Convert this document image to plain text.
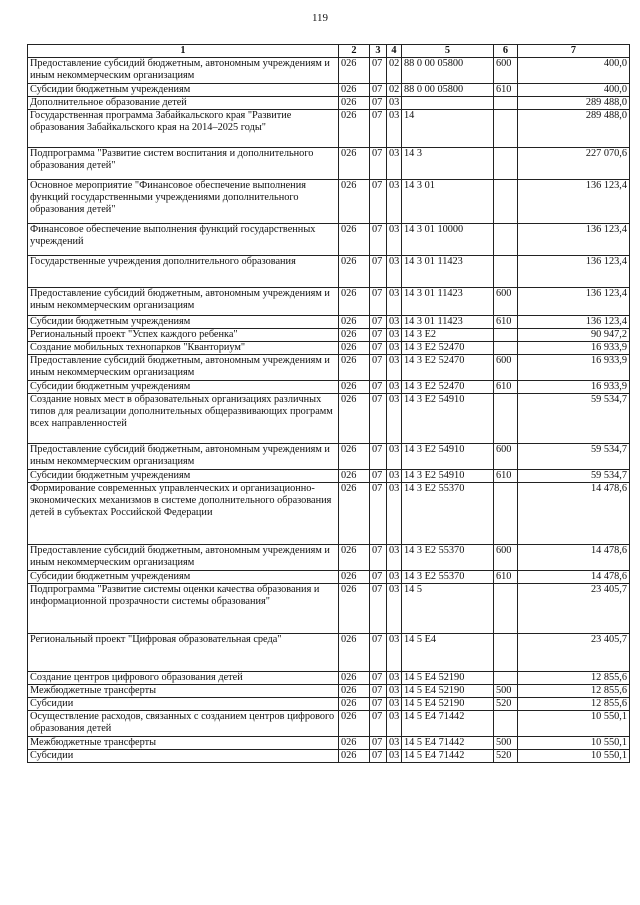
119
1	2	3	4	5	6	7
Предоставление субсидий бюджетным, автономным учреждениям и иным некоммерческим организациям	026	07	02	88 0 00 05800	600	400,0
Субсидии бюджетным учреждениям	026	07	02	88 0 00 05800	610	400,0
Дополнительное образование детей	026	07	03			289 488,0
Государственная программа Забайкальского края "Развитие образования Забайкальского края на 2014–2025 годы"	026	07	03	14		289 488,0
Подпрограмма "Развитие систем воспитания и дополнительного образования детей"	026	07	03	14 3		227 070,6
Основное мероприятие "Финансовое обеспечение выполнения функций государственными учреждениями дополнительного образования детей"	026	07	03	14 3 01		136 123,4
Финансовое обеспечение выполнения функций государственных учреждений	026	07	03	14 3 01 10000		136 123,4
Государственные учреждения дополнительного образования	026	07	03	14 3 01 11423		136 123,4
Предоставление субсидий бюджетным, автономным учреждениям и иным некоммерческим организациям	026	07	03	14 3 01 11423	600	136 123,4
Субсидии бюджетным учреждениям	026	07	03	14 3 01 11423	610	136 123,4
Региональный проект "Успех каждого ребенка"	026	07	03	14 3 E2		90 947,2
Создание мобильных технопарков "Кванториум"	026	07	03	14 3 E2 52470		16 933,9
Предоставление субсидий бюджетным, автономным учреждениям и иным некоммерческим организациям	026	07	03	14 3 E2 52470	600	16 933,9
Субсидии бюджетным учреждениям	026	07	03	14 3 E2 52470	610	16 933,9
Создание новых мест в образовательных организациях различных типов для реализации дополнительных общеразвивающих программ всех направленностей	026	07	03	14 3 E2 54910		59 534,7
Предоставление субсидий бюджетным, автономным учреждениям и иным некоммерческим организациям	026	07	03	14 3 E2 54910	600	59 534,7
Субсидии бюджетным учреждениям	026	07	03	14 3 E2 54910	610	59 534,7
Формирование современных управленческих и организационно-экономических механизмов в системе дополнительного образования детей в субъектах Российской Федерации	026	07	03	14 3 E2 55370		14 478,6
Предоставление субсидий бюджетным, автономным учреждениям и иным некоммерческим организациям	026	07	03	14 3 E2 55370	600	14 478,6
Субсидии бюджетным учреждениям	026	07	03	14 3 E2 55370	610	14 478,6
Подпрограмма "Развитие системы оценки качества образования и информационной прозрачности системы образования"	026	07	03	14 5		23 405,7
Региональный проект "Цифровая образовательная среда"	026	07	03	14 5 E4		23 405,7
Создание центров цифрового образования детей	026	07	03	14 5 E4 52190		12 855,6
Межбюджетные трансферты	026	07	03	14 5 E4 52190	500	12 855,6
Субсидии	026	07	03	14 5 E4 52190	520	12 855,6
Осуществление расходов, связанных с созданием центров цифрового образования детей	026	07	03	14 5 E4 71442		10 550,1
Межбюджетные трансферты	026	07	03	14 5 E4 71442	500	10 550,1
Субсидии	026	07	03	14 5 E4 71442	520	10 550,1
